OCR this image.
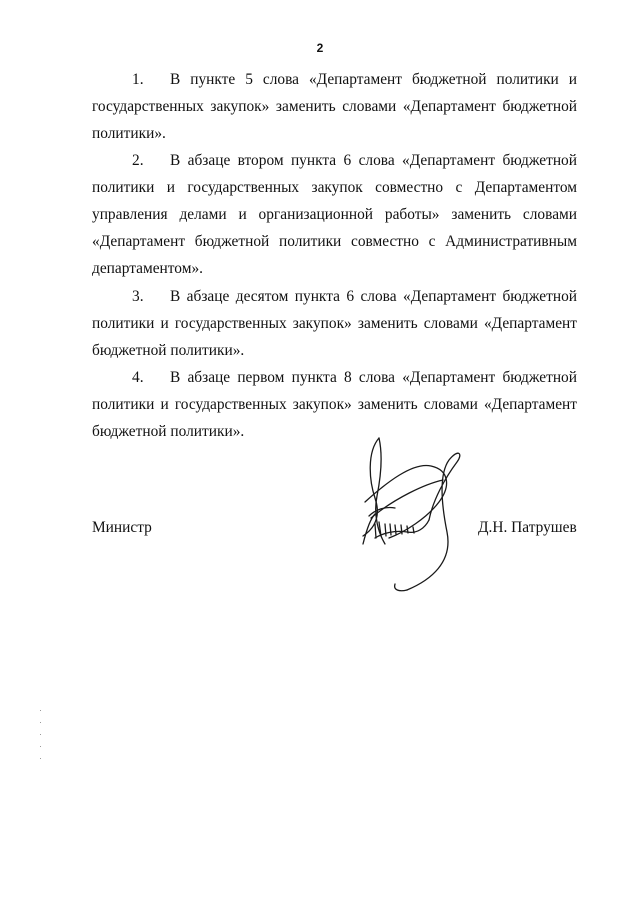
2

1. В пункте 5 слова «Департамент бюджетной политики и государственных закупок» заменить словами «Департамент бюджетной политики».

2. В абзаце втором пункта 6 слова «Департамент бюджетной политики и государственных закупок совместно с Департаментом управления делами и организационной работы» заменить словами «Департамент бюджетной политики совместно с Административным департаментом».

3. В абзаце десятом пункта 6 слова «Департамент бюджетной политики и государственных закупок» заменить словами «Департамент бюджетной политики».

4. В абзаце первом пункта 8 слова «Департамент бюджетной политики и государственных закупок» заменить словами «Департамент бюджетной политики».

Министр	Д.Н. Патрушев
